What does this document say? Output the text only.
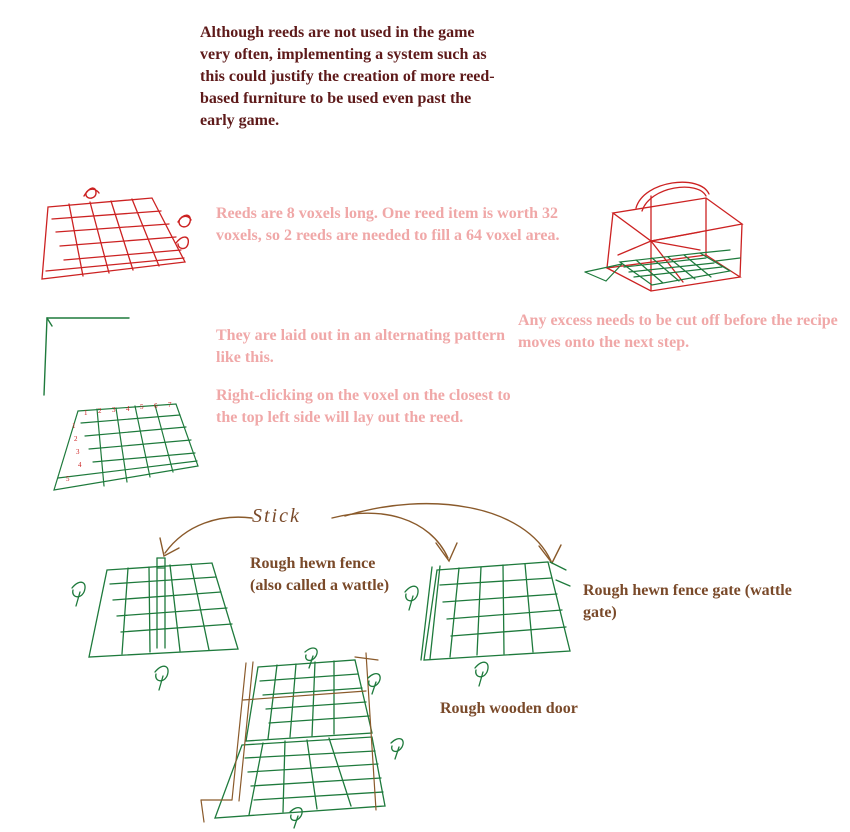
1 2 3 4 5 6 7
1
2
3
4
5
Although reeds are not used in the game very often, implementing a system such as this could justify the creation of more reed-based furniture to be used even past the early game.
Reeds are 8 voxels long. One reed item is worth 32 voxels, so 2 reeds are needed to fill a 64 voxel area.
They are laid out in an alternating pattern like this.
Right-clicking on the voxel on the closest to the top left side will lay out the reed.
Any excess needs to be cut off before the recipe moves onto the next step.
Stick
Rough hewn fence (also called a wattle)	Rough hewn fence gate (wattle gate)
Rough wooden door
